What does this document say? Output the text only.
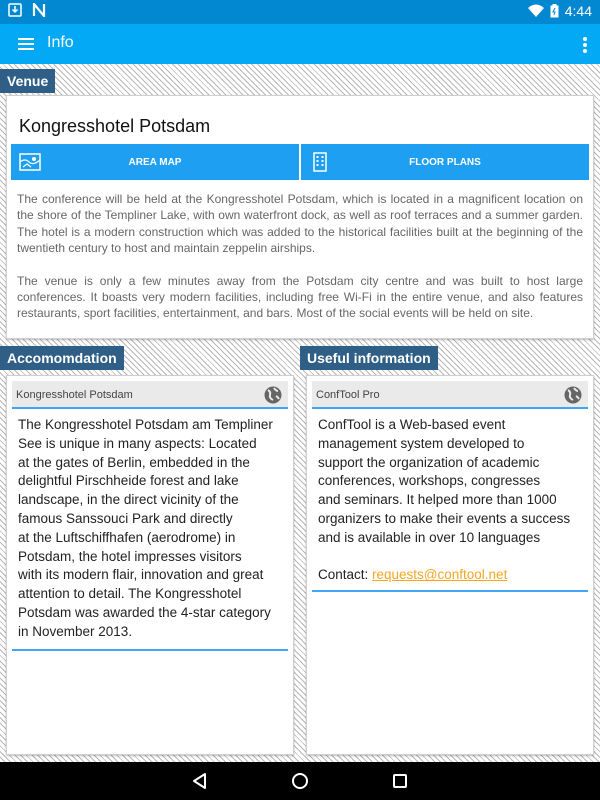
4:44
Info
Venue
Kongresshotel Potsdam
AREA MAP	FLOOR PLANS

The conference will be held at the Kongresshotel Potsdam, which is located in a magnificent location on the shore of the Templiner Lake, with own waterfront dock, as well as roof terraces and a summer garden. The hotel is a modern construction which was added to the historical facilities built at the beginning of the twentieth century to host and maintain zeppelin airships.

The venue is only a few minutes away from the Potsdam city centre and was built to host large conferences. It boasts very modern facilities, including free Wi-Fi in the entire venue, and also features restaurants, sport facilities, entertainment, and bars. Most of the social events will be held on site.

Accomomdation
Kongresshotel Potsdam
The Kongresshotel Potsdam am Templiner
See is unique in many aspects: Located
at the gates of Berlin, embedded in the
delightful Pirschheide forest and lake
landscape, in the direct vicinity of the
famous Sanssouci Park and directly
at the Luftschiffhafen (aerodrome) in
Potsdam, the hotel impresses visitors
with its modern flair, innovation and great
attention to detail. The Kongresshotel
Potsdam was awarded the 4-star category
in November 2013.
Useful information
ConfTool Pro
ConfTool is a Web-based event
management system developed to
support the organization of academic
conferences, workshops, congresses
and seminars. It helped more than 1000
organizers to make their events a success
and is available in over 10 languages
Contact: requests@conftool.net
